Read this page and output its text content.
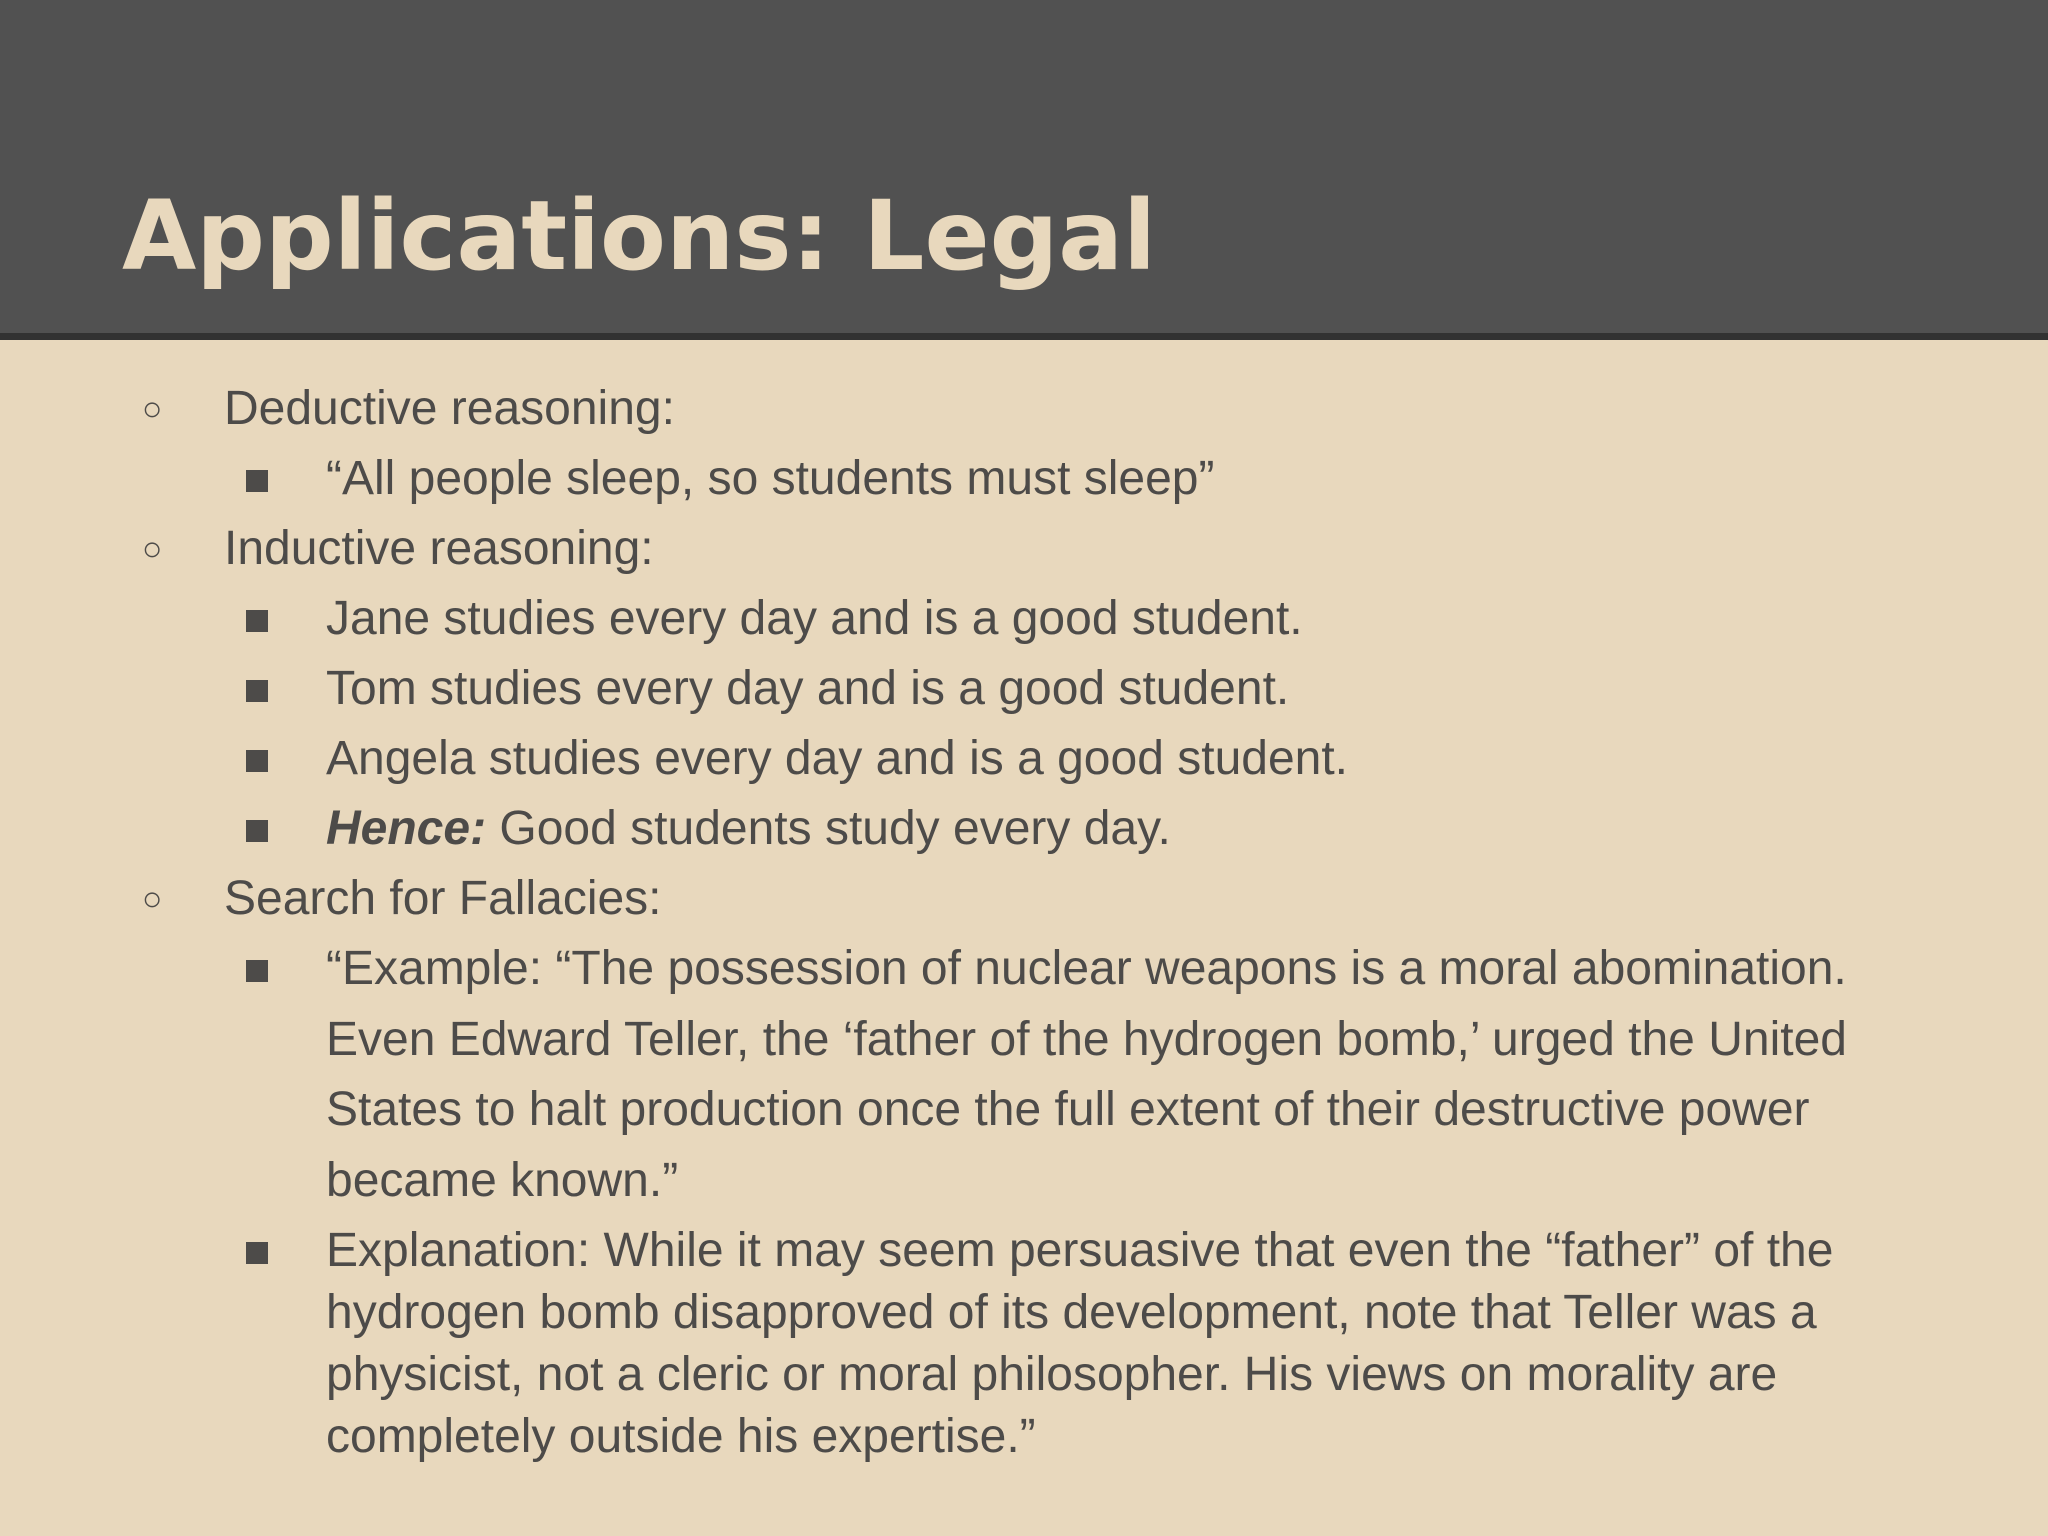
Applications: Legal
○ Deductive reasoning:
“All people sleep, so students must sleep”
○ Inductive reasoning:
Jane studies every day and is a good student.
Tom studies every day and is a good student.
Angela studies every day and is a good student.
Hence: Good students study every day.
○ Search for Fallacies:
“Example: “The possession of nuclear weapons is a moral abomination. Even Edward Teller, the ‘father of the hydrogen bomb,’ urged the United States to halt production once the full extent of their destructive power became known.”
Explanation: While it may seem persuasive that even the “father” of the hydrogen bomb disapproved of its development, note that Teller was a physicist, not a cleric or moral philosopher. His views on morality are completely outside his expertise.”
